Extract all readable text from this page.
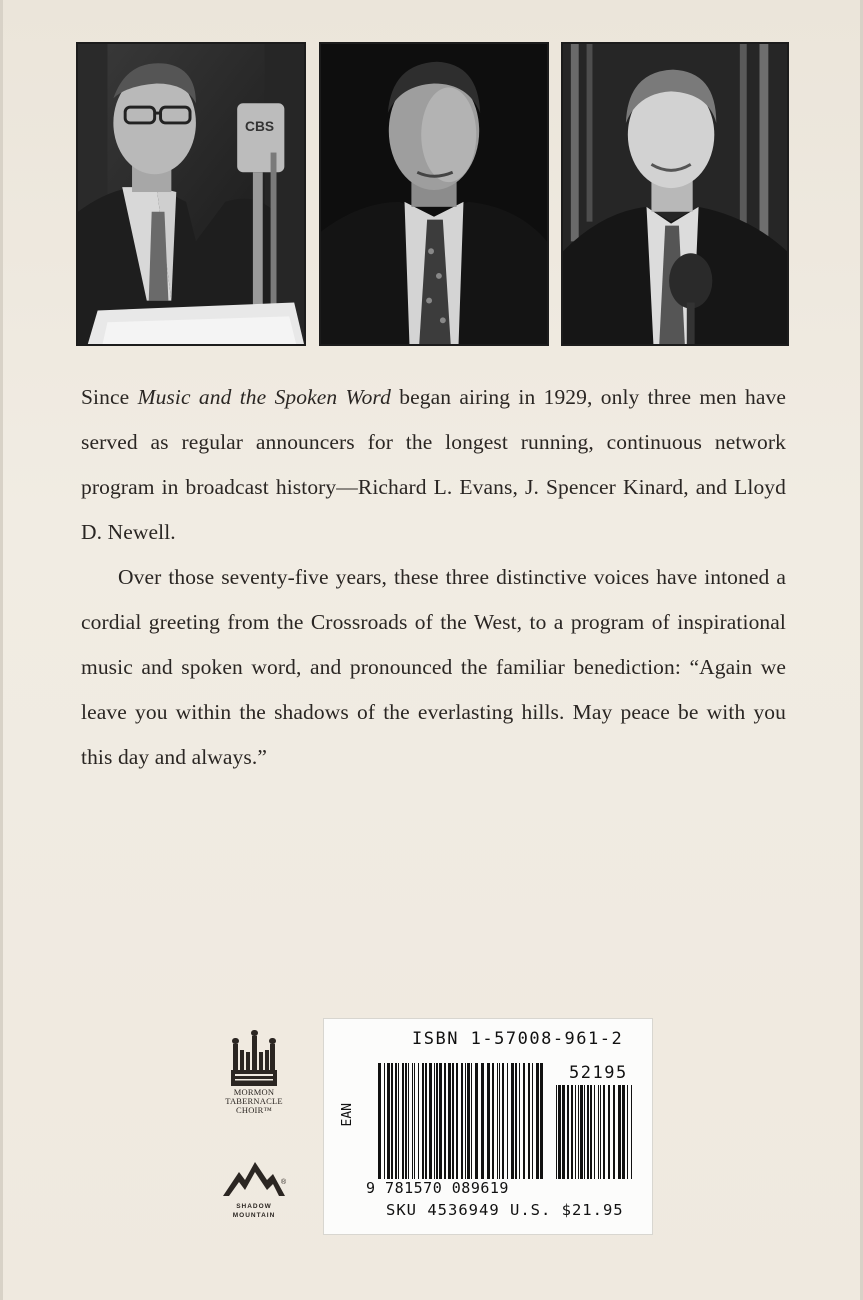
CBS

Since Music and the Spoken Word began airing in 1929, only three men have served as regular announcers for the longest running, continuous network program in broadcast history—Richard L. Evans, J. Spencer Kinard, and Lloyd D. Newell.

Over those seventy-five years, these three distinctive voices have intoned a cordial greeting from the Crossroads of the West, to a program of inspirational music and spoken word, and pronounced the familiar benediction: “Again we leave you within the shadows of the everlasting hills. May peace be with you this day and always.”

MORMON
TABERNACLE
CHOIR™
®
SHADOW
MOUNTAIN
ISBN 1-57008-961-2
EAN
52195
9 781570 089619
SKU 4536949 U.S. $21.95
